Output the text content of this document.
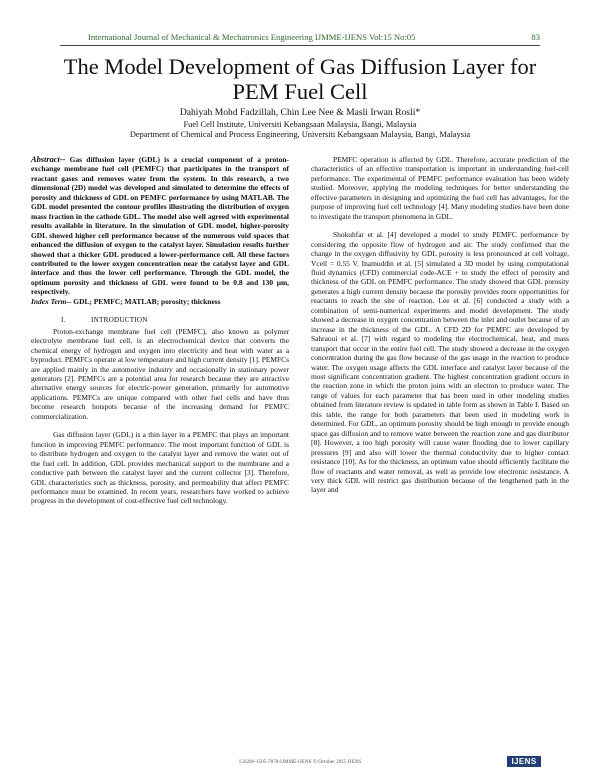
International Journal of Mechanical & Mechatronics Engineering IJMME-IJENS Vol:15 No:05	83
The Model Development of Gas Diffusion Layer for PEM Fuel Cell
Dahiyah Mohd Fadzillah, Chin Lee Nee & Masli Irwan Rosli*
Fuel Cell Institute, Universiti Kebangsaan Malaysia, Bangi, Malaysia
Department of Chemical and Process Engineering, Universiti Kebangsaan Malaysia, Bangi, Malaysia
Abstract-- Gas diffusion layer (GDL) is a crucial component of a proton-exchange membrane fuel cell (PEMFC) that participates in the transport of reactant gases and removes water from the system. In this research, a two dimensional (2D) model was developed and simulated to determine the effects of porosity and thickness of GDL on PEMFC performance by using MATLAB. The GDL model presented the contour profiles illustrating the distribution of oxygen mass fraction in the cathode GDL. The model also well agreed with experimental results available in literature. In the simulation of GDL model, higher-porosity GDL showed higher cell performance because of the numerous void spaces that enhanced the diffusion of oxygen to the catalyst layer. Simulation results further showed that a thicker GDL produced a lower-performance cell. All these factors contributed to the lower oxygen concentration near the catalyst layer and GDL interface and thus the lower cell performance. Through the GDL model, the optimum porosity and thickness of GDL were found to be 0.8 and 130 μm, respectively.
Index Term-- GDL; PEMFC; MATLAB; porosity; thickness
I.	INTRODUCTION

Proton-exchange membrane fuel cell (PEMFC), also known as polymer electrolyte membrane fuel cell, is an electrochemical device that converts the chemical energy of hydrogen and oxygen into electricity and heat with water as a byproduct. PEMFCs operate at low temperature and high current density [1]. PEMFCs are applied mainly in the automotive industry and occasionally in stationary power generators [2]. PEMFCs are a potential area for research because they are attractive alternative energy sources for electric-power generation, primarily for automotive applications. PEMFCs are unique compared with other fuel cells and have thus become research hotspots because of the increasing demand for PEMFC commercialization.

Gas diffusion layer (GDL) is a thin layer in a PEMFC that plays an important function in improving PEMFC performance. The most important function of GDL is to distribute hydrogen and oxygen to the catalyst layer and remove the water out of the fuel cell. In addition, GDL provides mechanical support to the membrane and a conductive path between the catalyst layer and the current collector [3]. Therefore, GDL characteristics such as thickness, porosity, and permeability that affect PEMFC performance must be examined. In recent years, researchers have worked to achieve progress in the development of cost-effective fuel cell technology.

PEMFC operation is affected by GDL. Therefore, accurate prediction of the characteristics of an effective transportation is important in understanding fuel-cell performance. The experimental of PEMFC performance evaluation has been widely studied. Moreover, applying the modeling techniques for better understanding the effective parameters in designing and optimizing the fuel cell has advantages, for the purpose of improving fuel cell technology [4]. Many modeling studies have been done to investigate the transport phenomena in GDL.

Shokuhfar et al. [4] developed a model to study PEMFC performance by considering the opposite flow of hydrogen and air. The study confirmed that the change in the oxygen diffusivity by GDL porosity is less pronounced at cell voltage, Vcell = 0.55 V. Inamuddin et al. [5] simulated a 3D model by using computational fluid dynamics (CFD) commercial code-ACE + to study the effect of porosity and thickness of the GDL on PEMFC performance. The study showed that GDL porosity generates a high current density because the porosity provides more opportunities for reactants to reach the site of reaction. Lee et al. [6] conducted a study with a combination of semi-numerical experiments and model development. The study showed a decrease in oxygen concentration between the inlet and outlet because of an increase in the thickness of the GDL. A CFD 2D for PEMFC are developed by Sahraoui et al. [7] with regard to modeling the electrochemical, heat, and mass transport that occur in the entire fuel cell. The study showed a decrease in the oxygen concentration during the gas flow because of the gas usage in the reaction to produce water. The oxygen usage affects the GDL interface and catalyst layer because of the most significant concentration gradient. The highest concentration gradient occurs in the reaction zone in which the proton joins with an electron to produce water. The range of values for each parameter that has been used in other modeling studies obtained from literature review is updated in table form as shown in Table I. Based on this table, the range for both parameters that been used in modeling work is determined. For GDL, an optimum porosity should be high enough to provide enough space gas diffusion and to remove water between the reaction zone and gas distributor [8]. However, a too high porosity will cause water flooding due to lower capillary pressures [9] and also will lower the thermal conductivity due to higher contact resistance [10]. As for the thickness, an optimum value should efficiently facilitate the flow of reactants and water removal, as well as provide low electronic resistance. A very thick GDL will restrict gas distribution because of the lengthened path in the layer and

156206-1505-7878-IJMME-IJENS © October 2015 IJENS	IJENS
